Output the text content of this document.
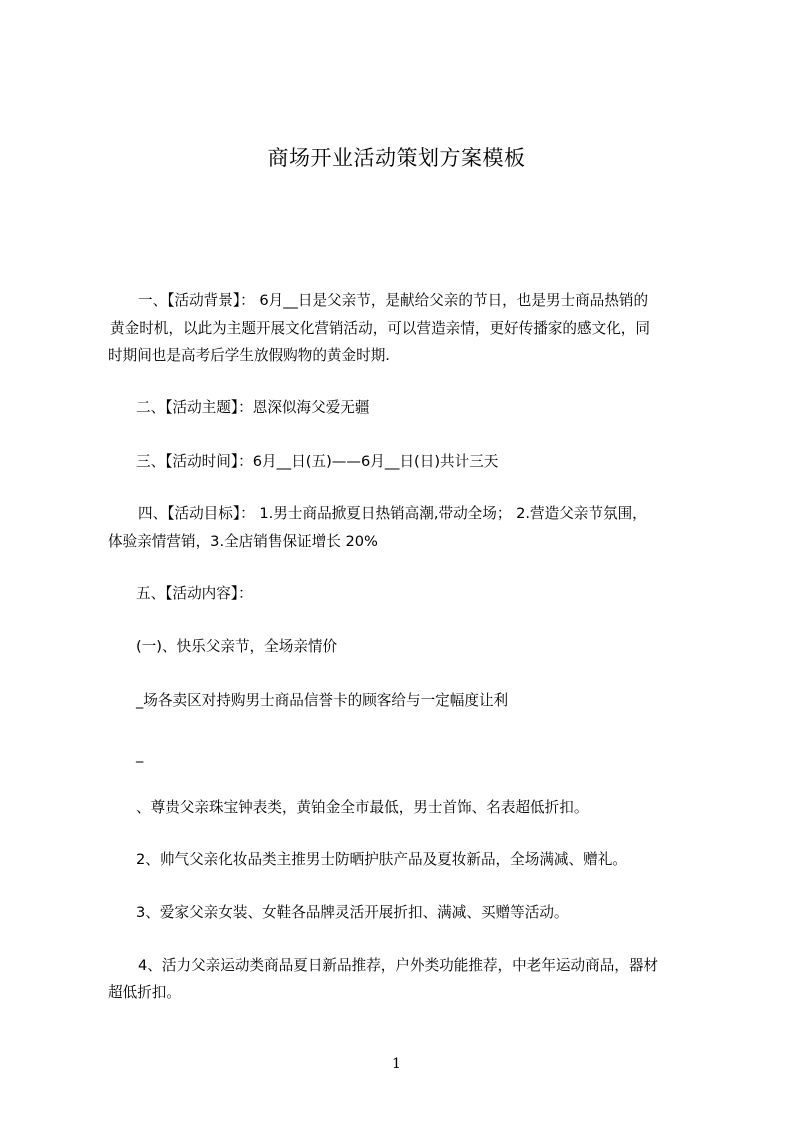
商场开业活动策划方案模板
一、【活动背景】： 6月__日是父亲节，是献给父亲的节日，也是男士商品热销的
黄金时机，以此为主题开展文化营销活动，可以营造亲情，更好传播家的感文化，同
时期间也是高考后学生放假购物的黄金时期.
二、【活动主题】：恩深似海父爱无疆
三、【活动时间】：6月__日(五)——6月__日(日)共计三天
四、【活动目标】： 1.男士商品掀夏日热销高潮,带动全场； 2.营造父亲节氛围，
体验亲情营销，3.全店销售保证增长 20%
五、【活动内容】：
(一)、快乐父亲节，全场亲情价
_场各卖区对持购男士商品信誉卡的顾客给与一定幅度让利
_
、尊贵父亲珠宝钟表类，黄铂金全市最低，男士首饰、名表超低折扣。
2、帅气父亲化妆品类主推男士防晒护肤产品及夏妆新品，全场满减、赠礼。
3、爱家父亲女装、女鞋各品牌灵活开展折扣、满减、买赠等活动。
4、活力父亲运动类商品夏日新品推荐，户外类功能推荐，中老年运动商品，器材
超低折扣。
1
